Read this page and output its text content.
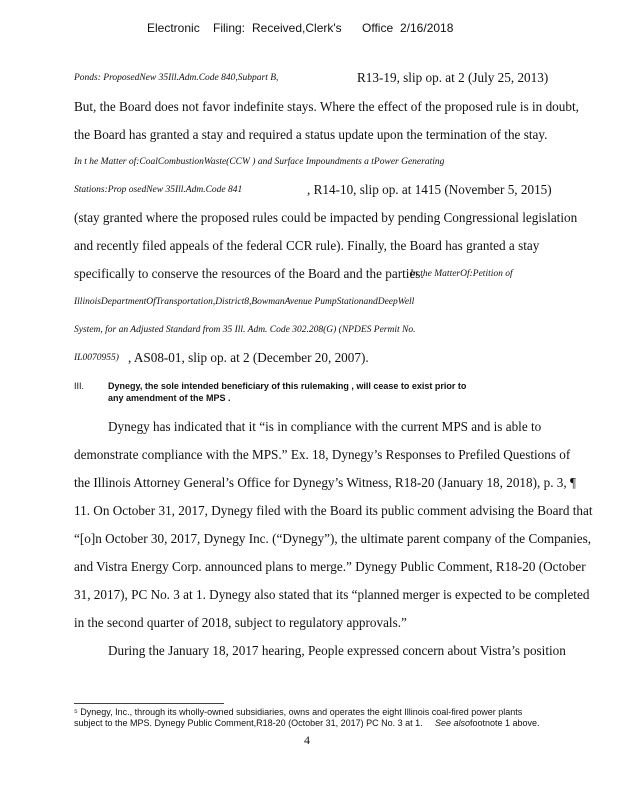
Electronic Filing: Received,Clerk's Office 2/16/2018
Ponds: ProposedNew 35Ill.Adm.Code 840,Subpart B,	R13-19, slip op. at 2 (July 25, 2013)
But, the Board does not favor indefinite stays. Where the effect of the proposed rule is in doubt,
the Board has granted a stay and required a status update upon the termination of the stay.
In t he Matter of:CoalCombustionWaste(CCW ) and Surface Impoundments a tPower Generating
Stations:Prop osedNew 35Ill.Adm.Code 841	, R14-10, slip op. at 1415 (November 5, 2015)
(stay granted where the proposed rules could be impacted by pending Congressional legislation
and recently filed appeals of the federal CCR rule). Finally, the Board has granted a stay
specifically to conserve the resources of the Board and the parties.
In the MatterOf:Petition of
IllinoisDepartmentOfTransportation,District8,BowmanAvenue PumpStationandDeepWell
System, for an Adjusted Standard from 35 Ill. Adm. Code 302.208(G) (NPDES Permit No.
IL0070955) , AS08-01, slip op. at 2 (December 20, 2007).
III.	Dynegy, the sole intended beneficiary of this rulemaking , will cease to exist prior to
any amendment of the MPS .
Dynegy has indicated that it “is in compliance with the current MPS and is able to
demonstrate compliance with the MPS.” Ex. 18, Dynegy’s Responses to Prefiled Questions of
the Illinois Attorney General’s Office for Dynegy’s Witness, R18-20 (January 18, 2018), p. 3, ¶
11. On October 31, 2017, Dynegy filed with the Board its public comment advising the Board that
“[o]n October 30, 2017, Dynegy Inc. (“Dynegy”), the ultimate parent company of the Companies,
and Vistra Energy Corp. announced plans to merge.” Dynegy Public Comment, R18-20 (October
31, 2017), PC No. 3 at 1. Dynegy also stated that its “planned merger is expected to be completed
in the second quarter of 2018, subject to regulatory approvals.”
During the January 18, 2017 hearing, People expressed concern about Vistra’s position
⁵ Dynegy, Inc., through its wholly-owned subsidiaries, owns and operates the eight Illinois coal-fired power plants
subject to the MPS. Dynegy Public Comment,R18-20 (October 31, 2017) PC No. 3 at 1. See also footnote 1 above.
4
